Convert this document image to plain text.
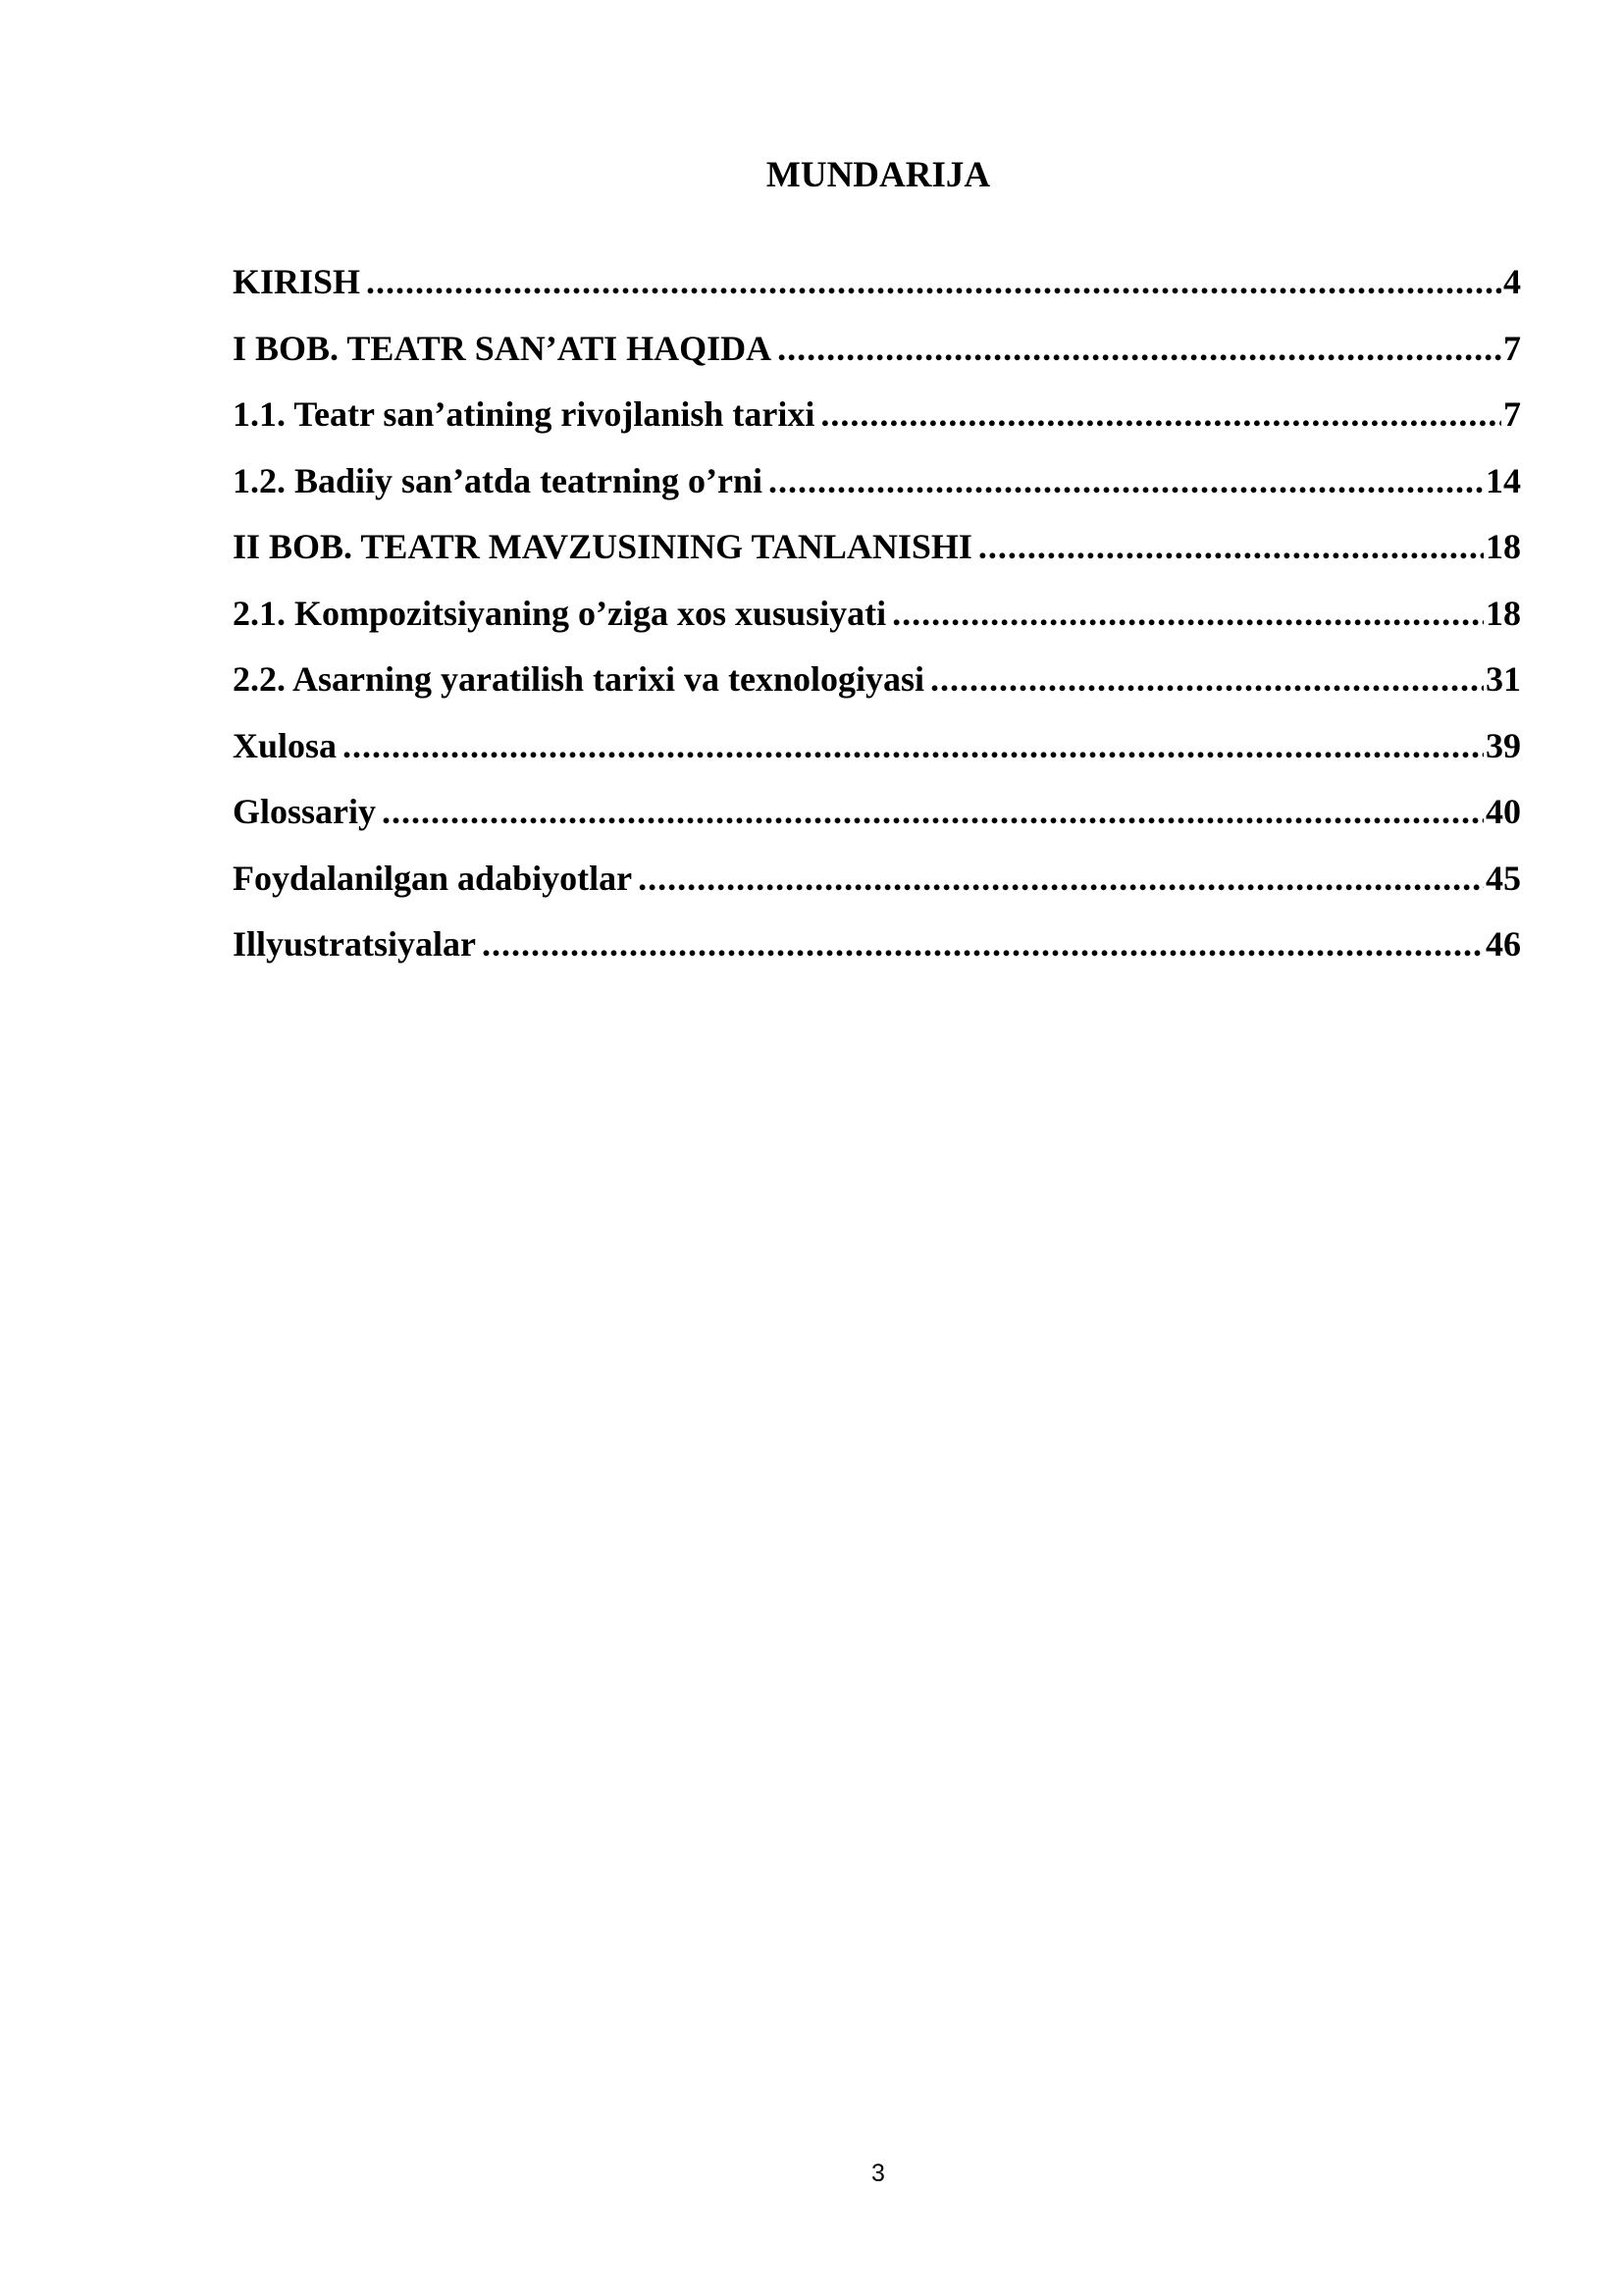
MUNDARIJA
KIRISH .....	4
I BOB. TEATR SAN’ATI HAQIDA .....	7
1.1. Teatr san’atining rivojlanish tarixi .....	7
1.2. Badiiy san’atda teatrning o’rni .....	14
II BOB. TEATR MAVZUSINING TANLANISHI .....	18
2.1. Kompozitsiyaning o’ziga xos xususiyati .....	18
2.2. Asarning yaratilish tarixi va texnologiyasi .....	31
Xulosa .....	39
Glossariy .....	40
Foydalanilgan adabiyotlar .....	45
Illyustratsiyalar .....	46
3
